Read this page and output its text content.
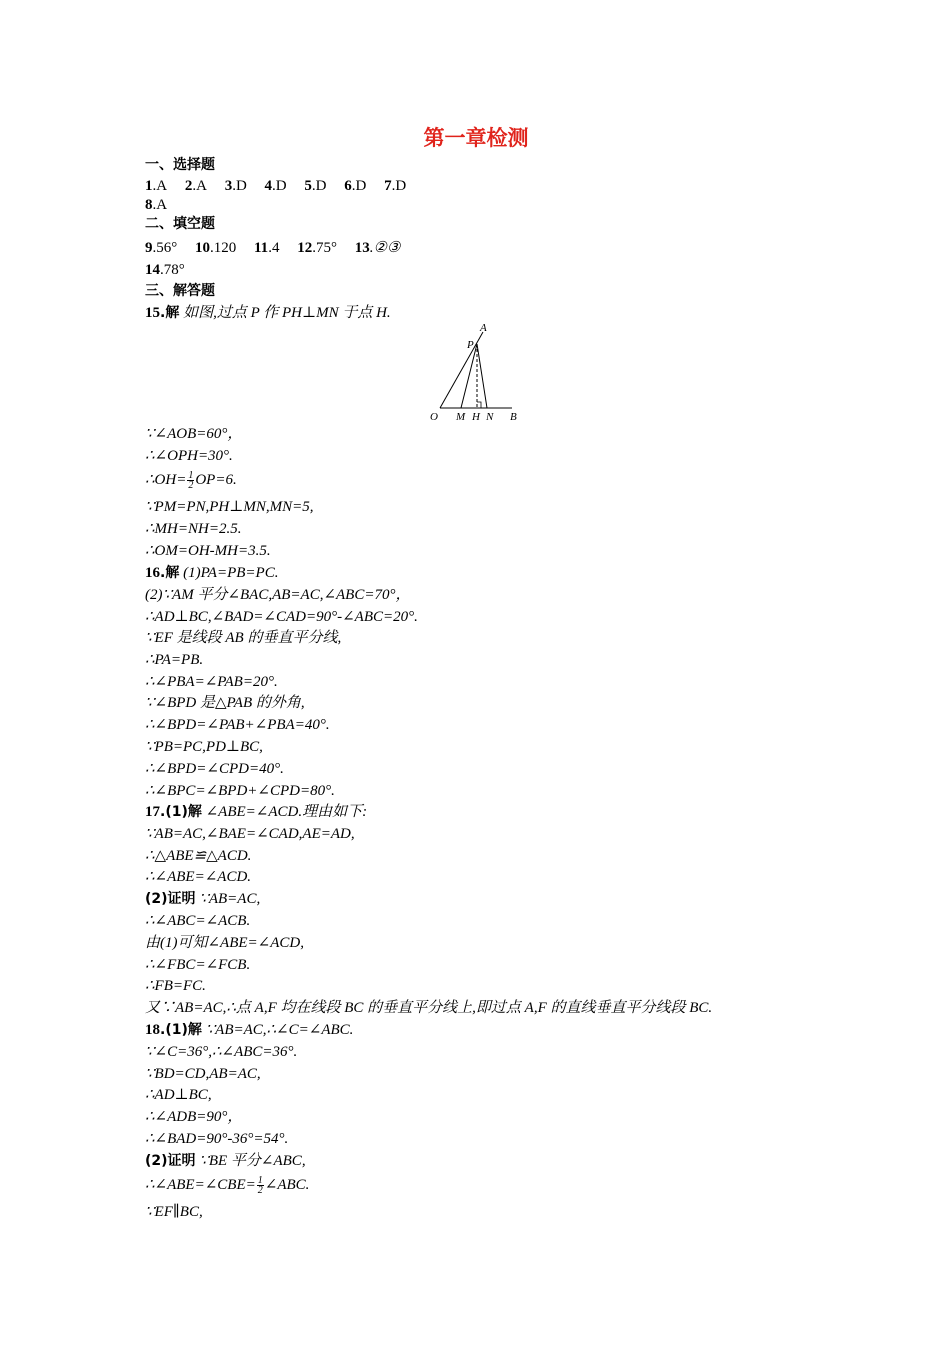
第一章检测
一、选择题
1.A 2.A 3.D 4.D 5.D 6.D 7.D
8.A
二、填空题
9.56° 10.120 11.4 12.75° 13.②③
14.78°
三、解答题
15.解 如图,过点 P 作 PH⊥MN 于点 H.
A
P
O M H N B
∵∠AOB=60°，
∴∠OPH=30°.
∴OH= $\frac{1}{2} OP=6$.
∵PM=PN,PH⊥MN,MN=5,
∴MH=NH=2.5.
∴OM=OH-MH=3.5.
16.解 (1)PA=PB=PC.
(2)∵AM 平分∠BAC,AB=AC,∠ABC=70°，
∴AD⊥BC,∠BAD=∠CAD=90°-∠ABC=20°.
∵EF 是线段 AB 的垂直平分线,
∴PA=PB.
∴∠PBA=∠PAB=20°.
∵∠BPD 是△PAB 的外角,
∴∠BPD=∠PAB+∠PBA=40°.
∵PB=PC,PD⊥BC,
∴∠BPD=∠CPD=40°.
∴∠BPC=∠BPD+∠CPD=80°.
17.(1)解 ∠ABE=∠ACD.理由如下:
∵AB=AC,∠BAE=∠CAD,AE=AD,
∴△ABE≌△ACD.
∴∠ABE=∠ACD.
(2)证明 ∵AB=AC,
∴∠ABC=∠ACB.
由(1)可知∠ABE=∠ACD,
∴∠FBC=∠FCB.
∴FB=FC.
又∵AB=AC,∴点 A,F 均在线段 BC 的垂直平分线上,即过点 A,F 的直线垂直平分线段 BC.
18.(1)解 ∵AB=AC,∴∠C=∠ABC.
∵∠C=36°,∴∠ABC=36°.
∵BD=CD,AB=AC,
∴AD⊥BC,
∴∠ADB=90°，
∴∠BAD=90°-36°=54°.
(2)证明 ∵BE 平分∠ABC,
∴∠ABE=∠CBE= $\frac{1}{2}$ ∠ABC.
∵EF∥BC,
